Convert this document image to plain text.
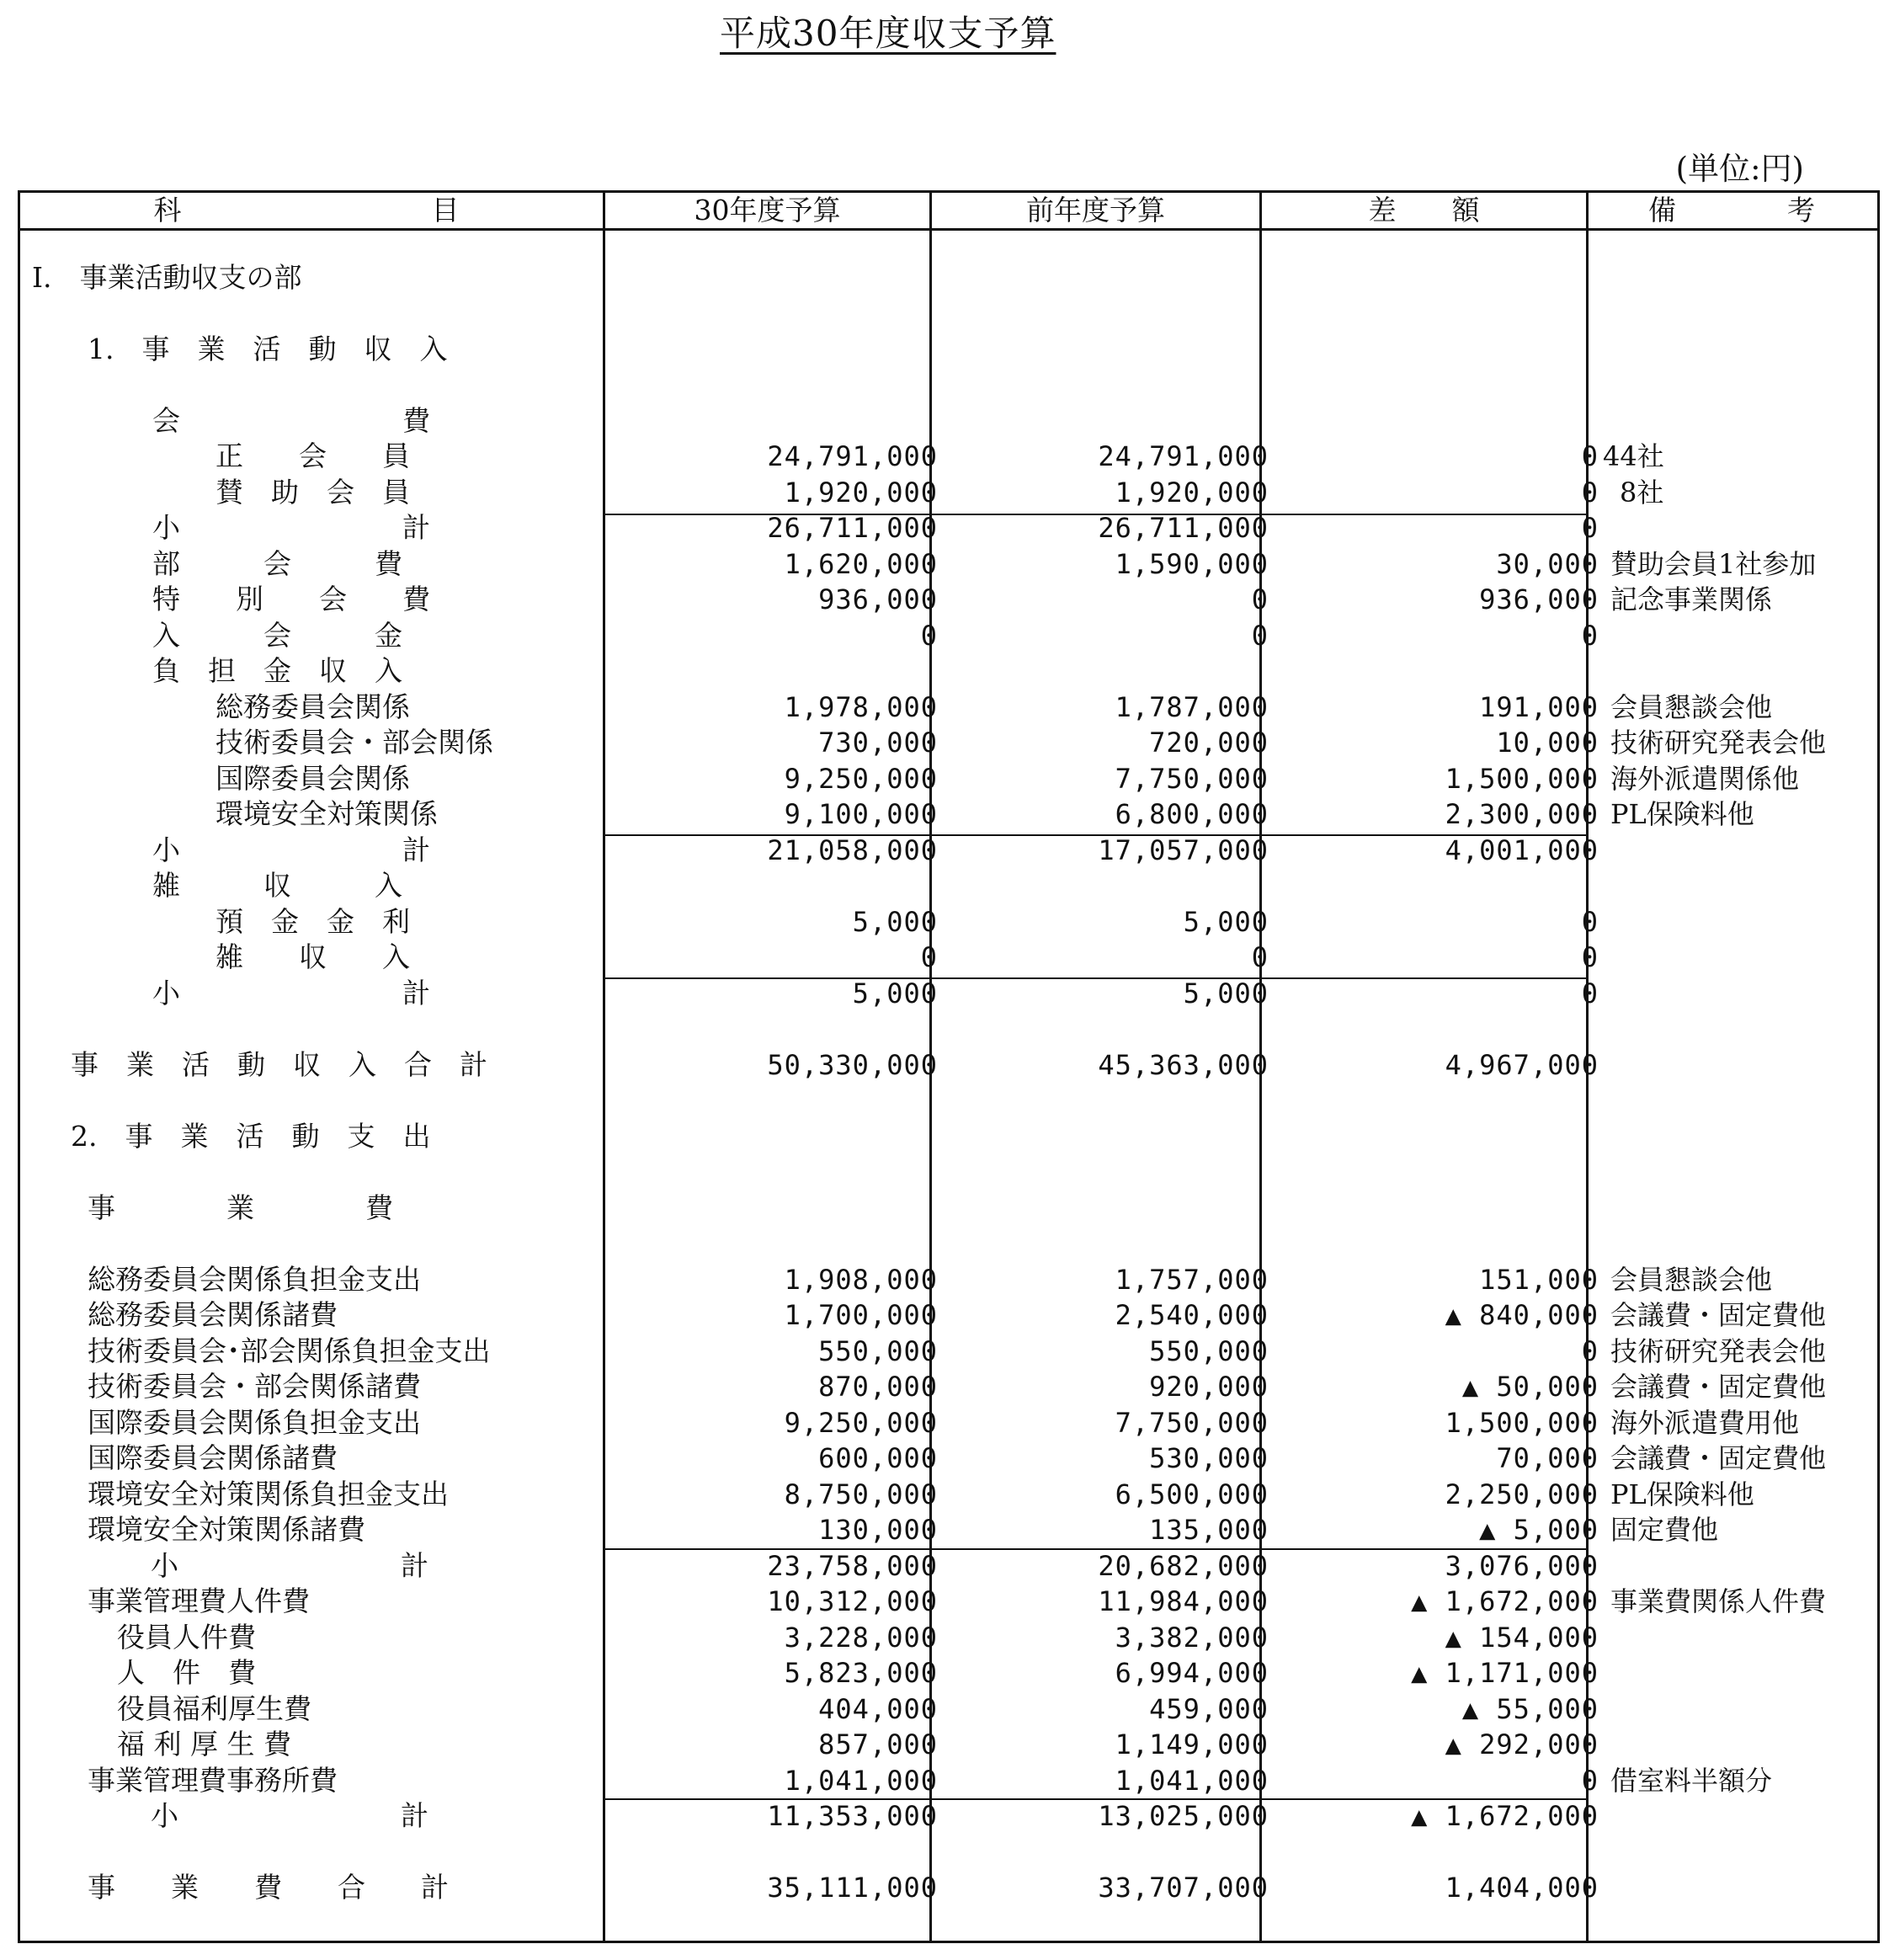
平成30年度収支予算
(単位:円)
科　　　　　　　　　目	30年度予算	前年度予算	差　　額	備　　　　考
Ⅰ.　事業活動収支の部
1.　事　業　活　動　収　入
会　　　　　　　　費
正　　会　　員	24,791,000	24,791,000	0 44社
賛　助　会　員	1,920,000	1,920,000	0 8社
小　　　　　　　　計	26,711,000	26,711,000	0
部　　　会　　　費	1,620,000	1,590,000	30,000 賛助会員1社参加
特　　別　　会　　費	936,000	0	936,000 記念事業関係
入　　　会　　　金	0	0	0
負　担　金　収　入
総務委員会関係	1,978,000	1,787,000	191,000 会員懇談会他
技術委員会・部会関係	730,000	720,000	10,000 技術研究発表会他
国際委員会関係	9,250,000	7,750,000	1,500,000 海外派遣関係他
環境安全対策関係	9,100,000	6,800,000	2,300,000 PL保険料他
小　　　　　　　　計	21,058,000	17,057,000	4,001,000
雑　　　収　　　入
預　金　金　利	5,000	5,000	0
雑　　収　　入	0	0	0
小　　　　　　　　計	5,000	5,000	0
事　業　活　動　収　入　合　計	50,330,000	45,363,000	4,967,000
2.　事　業　活　動　支　出
事　　　　業　　　　費
総務委員会関係負担金支出	1,908,000	1,757,000	151,000 会員懇談会他
総務委員会関係諸費	1,700,000	2,540,000	▲ 840,000 会議費・固定費他
技術委員会･部会関係負担金支出	550,000	550,000	0 技術研究発表会他
技術委員会・部会関係諸費	870,000	920,000	▲ 50,000 会議費・固定費他
国際委員会関係負担金支出	9,250,000	7,750,000	1,500,000 海外派遣費用他
国際委員会関係諸費	600,000	530,000	70,000 会議費・固定費他
環境安全対策関係負担金支出	8,750,000	6,500,000	2,250,000 PL保険料他
環境安全対策関係諸費	130,000	135,000	▲ 5,000 固定費他
小　　　　　　　　計	23,758,000	20,682,000	3,076,000
事業管理費人件費	10,312,000	11,984,000	▲ 1,672,000 事業費関係人件費
役員人件費	3,228,000	3,382,000	▲ 154,000
人　件　費	5,823,000	6,994,000	▲ 1,171,000
役員福利厚生費	404,000	459,000	▲ 55,000
福 利 厚 生 費	857,000	1,149,000	▲ 292,000
事業管理費事務所費	1,041,000	1,041,000	0 借室料半額分
小　　　　　　　　計	11,353,000	13,025,000	▲ 1,672,000
事　　業　　費　　合　　計	35,111,000	33,707,000	1,404,000
